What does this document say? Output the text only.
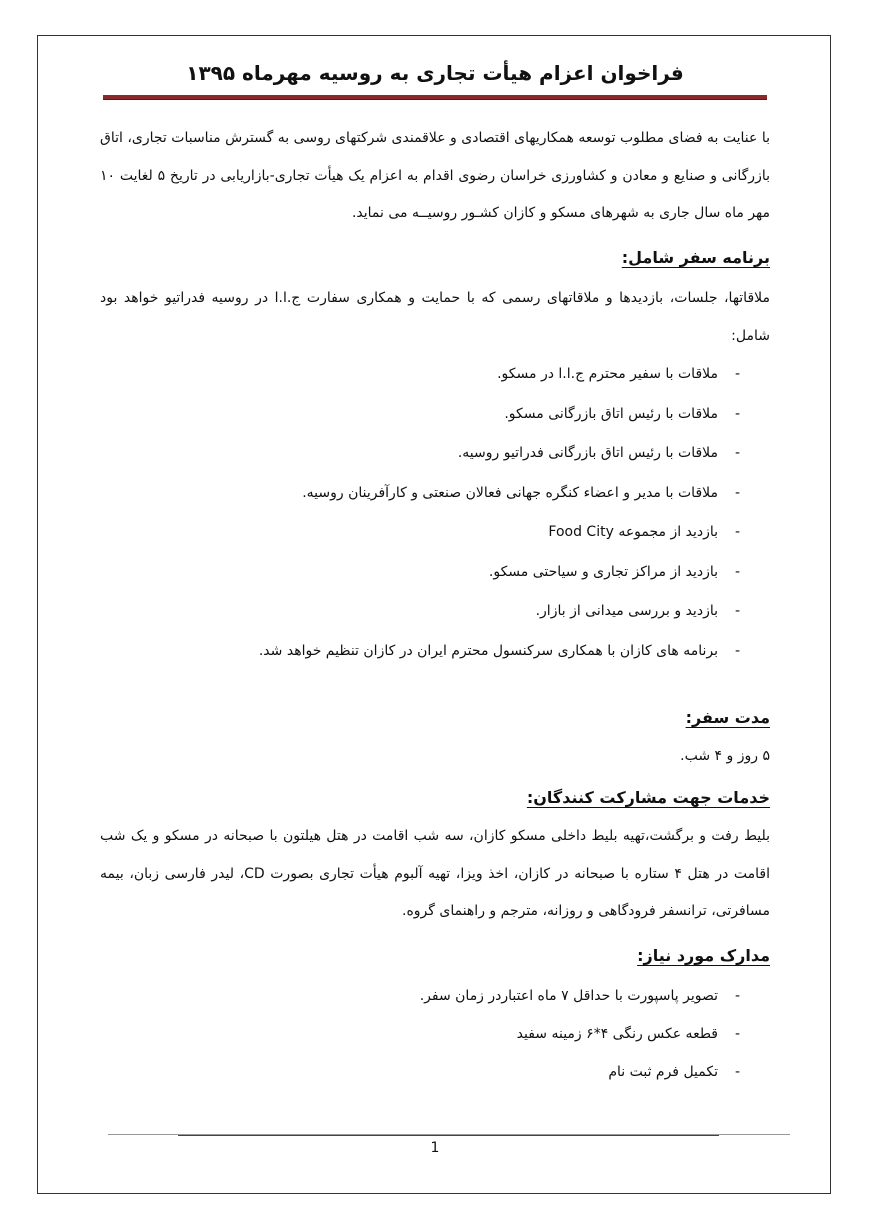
فراخوان اعزام هیأت تجاری به روسیه مهرماه ۱۳۹۵
با عنایت به فضای مطلوب توسعه همکاریهای اقتصادی و علاقمندی شرکتهای روسی به گسترش مناسبات تجاری، اتاق بازرگانی و صنایع و معادن و کشاورزی خراسان رضوی اقدام به اعزام یک هیأت تجاری-بازاریابی در تاریخ ۵ لغایت ۱۰ مهر ماه سال جاری به شهرهای مسکو و کازان کشـور روسیــه می نماید.
برنامه سفر شامل:
ملاقاتها، جلسات، بازدیدها و ملاقاتهای رسمی که با حمایت و همکاری سفارت ج.ا.ا در روسیه فدراتیو خواهد بود شامل:
-
ملاقات با سفیر محترم ج.ا.ا در مسکو.
-
ملاقات با رئیس اتاق بازرگانی مسکو.
-
ملاقات با رئیس اتاق بازرگانی فدراتیو روسیه.
-
ملاقات با مدیر و اعضاء کنگره جهانی فعالان صنعتی و کارآفرینان روسیه.
-
بازدید از مجموعه Food City
-
بازدید از مراکز تجاری و سیاحتی مسکو.
-
بازدید و بررسی میدانی از بازار.
-
برنامه های کازان با همکاری سرکنسول محترم ایران در کازان تنظیم خواهد شد.
مدت سفر:
۵ روز و ۴ شب.
خدمات جهت مشارکت کنندگان:
بلیط رفت و برگشت،تهیه بلیط داخلی مسکو کازان، سه شب اقامت در هتل هیلتون با صبحانه در مسکو و یک شب اقامت در هتل ۴ ستاره با صبحانه در کازان، اخذ ویزا، تهیه آلبوم هیأت تجاری بصورت CD، لیدر فارسی زبان، بیمه مسافرتی، ترانسفر فرودگاهی و روزانه، مترجم و راهنمای گروه.
مدارک مورد نیاز:
-
تصویر پاسپورت با حداقل ۷ ماه اعتباردر زمان سفر.
-
قطعه عکس رنگی ۴*۶ زمینه سفید
-
تکمیل فرم ثبت نام
1
